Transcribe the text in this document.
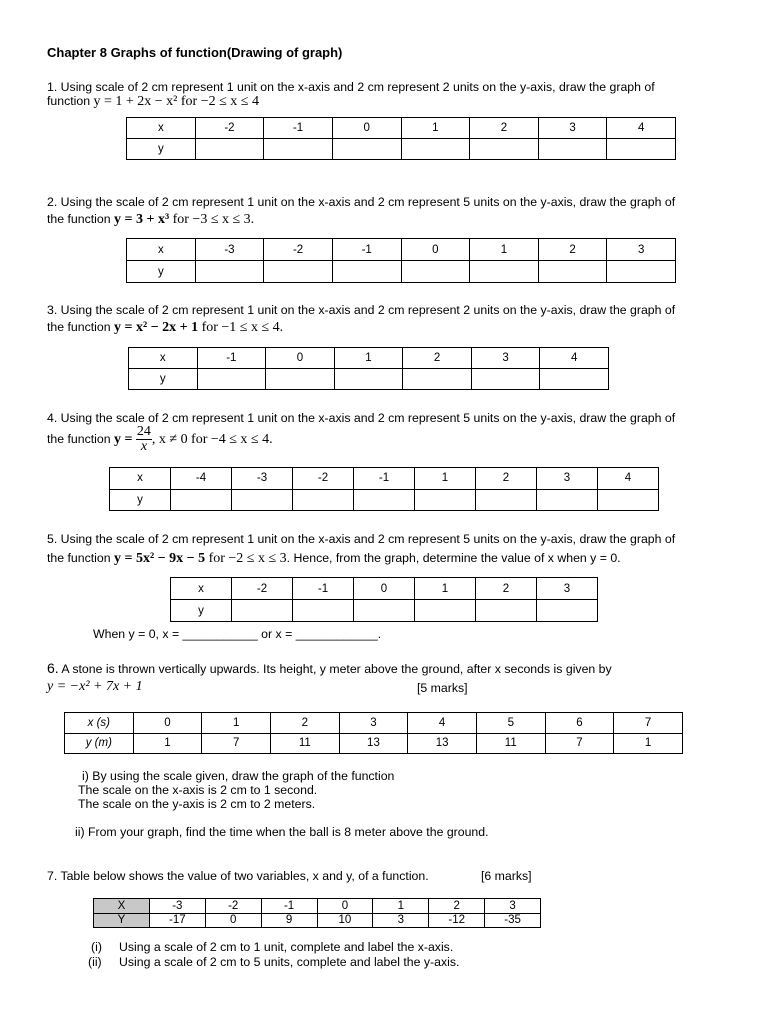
Chapter 8 Graphs of function(Drawing of graph)
1. Using scale of 2 cm represent 1 unit on the x-axis and 2 cm represent 2 units on the y-axis, draw the graph of
function y = 1 + 2x − x² for −2 ≤ x ≤ 4
x	-2	-1	0	1	2	3	4
y							
2. Using the scale of 2 cm represent 1 unit on the x-axis and 2 cm represent 5 units on the y-axis, draw the graph of
the function y = 3 + x³ for −3 ≤ x ≤ 3.
x	-3	-2	-1	0	1	2	3
y							
3. Using the scale of 2 cm represent 1 unit on the x-axis and 2 cm represent 2 units on the y-axis, draw the graph of
the function y = x² − 2x + 1 for −1 ≤ x ≤ 4.
x	-1	0	1	2	3	4
y						
4. Using the scale of 2 cm represent 1 unit on the x-axis and 2 cm represent 5 units on the y-axis, draw the graph of
the function $y = \frac{24}{x}$ , x ≠ 0 for −4 ≤ x ≤ 4.
x	-4	-3	-2	-1	1	2	3	4
y								
5. Using the scale of 2 cm represent 1 unit on the x-axis and 2 cm represent 5 units on the y-axis, draw the graph of
the function y = 5x² − 9x − 5 for −2 ≤ x ≤ 3. Hence, from the graph, determine the value of x when y = 0.
x	-2	-1	0	1	2	3
y						
When y = 0, x = ___________ or x = ____________.
6. A stone is thrown vertically upwards. Its height, y meter above the ground, after x seconds is given by
y = −x² + 7x + 1	[5 marks]
x (s)	0	1	2	3	4	5	6	7
y (m)	1	7	11	13	13	11	7	1
i) By using the scale given, draw the graph of the function
The scale on the x-axis is 2 cm to 1 second.
The scale on the y-axis is 2 cm to 2 meters.
ii) From your graph, find the time when the ball is 8 meter above the ground.
7. Table below shows the value of two variables, x and y, of a function.	[6 marks]
X	-3	-2	-1	0	1	2	3
Y	-17	0	9	10	3	-12	-35
(i) Using a scale of 2 cm to 1 unit, complete and label the x-axis.
(ii) Using a scale of 2 cm to 5 units, complete and label the y-axis.
